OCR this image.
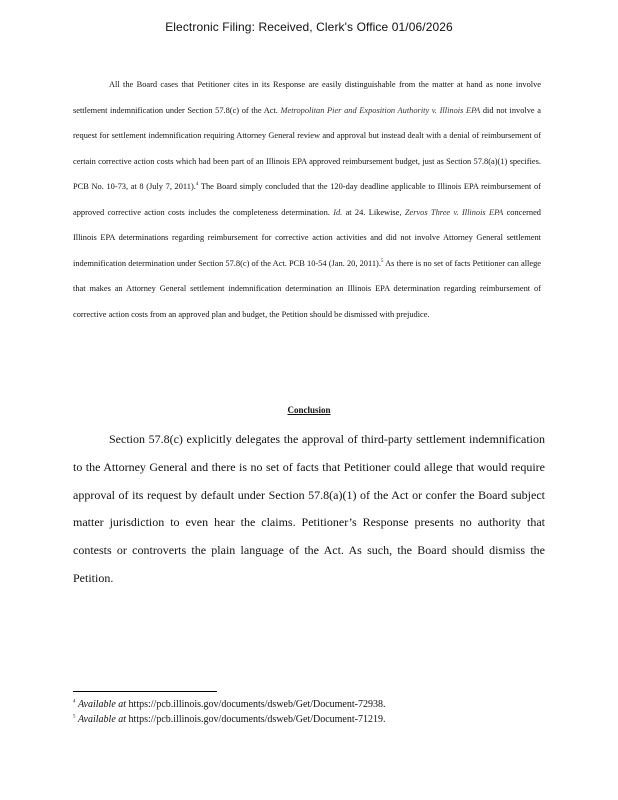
Electronic Filing: Received, Clerk's Office 01/06/2026
All the Board cases that Petitioner cites in its Response are easily distinguishable from the matter at hand as none involve settlement indemnification under Section 57.8(c) of the Act. Metropolitan Pier and Exposition Authority v. Illinois EPA did not involve a request for settlement indemnification requiring Attorney General review and approval but instead dealt with a denial of reimbursement of certain corrective action costs which had been part of an Illinois EPA approved reimbursement budget, just as Section 57.8(a)(1) specifies. PCB No. 10-73, at 8 (July 7, 2011).$^4$ The Board simply concluded that the 120-day deadline applicable to Illinois EPA reimbursement of approved corrective action costs includes the completeness determination. Id. at 24. Likewise, Zervos Three v. Illinois EPA concerned Illinois EPA determinations regarding reimbursement for corrective action activities and did not involve Attorney General settlement indemnification determination under Section 57.8(c) of the Act. PCB 10-54 (Jan. 20, 2011).$^5$ As there is no set of facts Petitioner can allege that makes an Attorney General settlement indemnification determination an Illinois EPA determination regarding reimbursement of corrective action costs from an approved plan and budget, the Petition should be dismissed with prejudice.
Conclusion
Section 57.8(c) explicitly delegates the approval of third-party settlement indemnification to the Attorney General and there is no set of facts that Petitioner could allege that would require approval of its request by default under Section 57.8(a)(1) of the Act or confer the Board subject matter jurisdiction to even hear the claims. Petitioner’s Response presents no authority that contests or controverts the plain language of the Act. As such, the Board should dismiss the Petition.
$^4$ Available at https://pcb.illinois.gov/documents/dsweb/Get/Document-72938.
$^5$ Available at https://pcb.illinois.gov/documents/dsweb/Get/Document-71219.
